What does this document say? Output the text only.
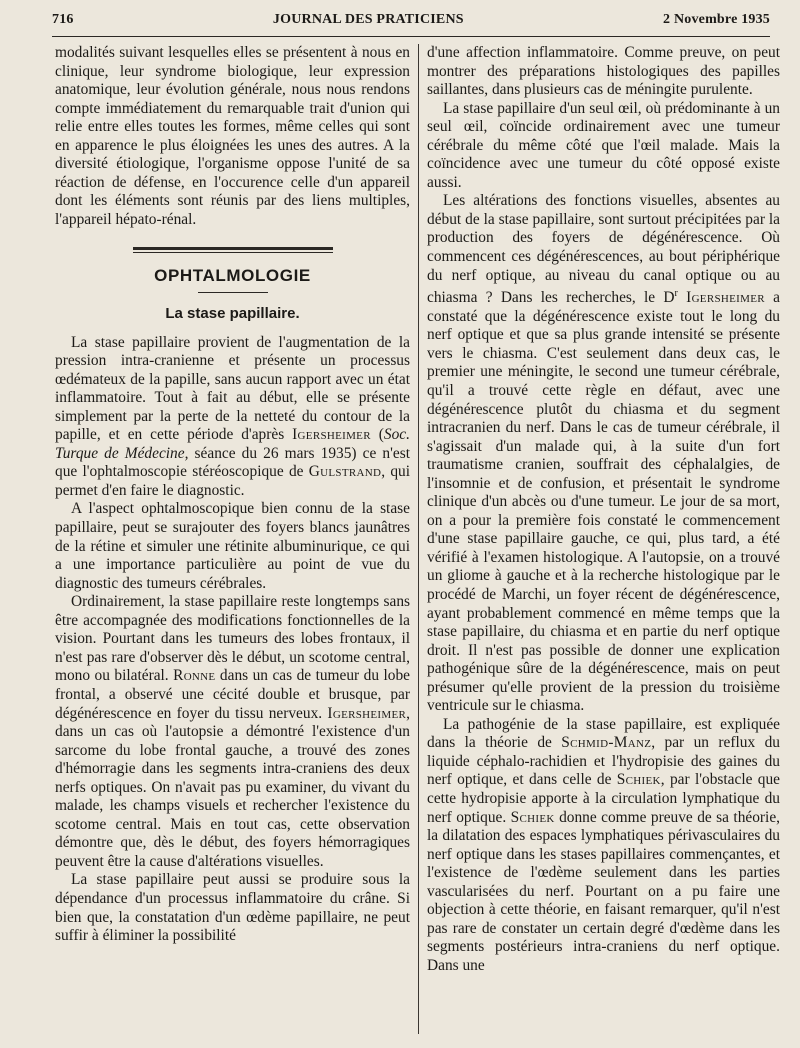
716	JOURNAL DES PRATICIENS	2 Novembre 1935

modalités suivant lesquelles elles se présentent à nous en clinique, leur syndrome biologique, leur expression anatomique, leur évolution générale, nous nous rendons compte immédiatement du remarquable trait d'union qui relie entre elles toutes les formes, même celles qui sont en apparence le plus éloignées les unes des autres. A la diversité étiologique, l'organisme oppose l'unité de sa réaction de défense, en l'occurence celle d'un appareil dont les éléments sont réunis par des liens multiples, l'appareil hépato-rénal.

OPHTALMOLOGIE
La stase papillaire.

La stase papillaire provient de l'augmentation de la pression intra-cranienne et présente un processus œdémateux de la papille, sans aucun rapport avec un état inflammatoire. Tout à fait au début, elle se présente simplement par la perte de la netteté du contour de la papille, et en cette période d'après Igersheimer (Soc. Turque de Médecine, séance du 26 mars 1935) ce n'est que l'ophtalmoscopie stéréoscopique de Gulstrand, qui permet d'en faire le diagnostic.

A l'aspect ophtalmoscopique bien connu de la stase papillaire, peut se surajouter des foyers blancs jaunâtres de la rétine et simuler une rétinite albuminurique, ce qui a une importance particulière au point de vue du diagnostic des tumeurs cérébrales.

Ordinairement, la stase papillaire reste longtemps sans être accompagnée des modifications fonctionnelles de la vision. Pourtant dans les tumeurs des lobes frontaux, il n'est pas rare d'observer dès le début, un scotome central, mono ou bilatéral. Ronne dans un cas de tumeur du lobe frontal, a observé une cécité double et brusque, par dégénérescence en foyer du tissu nerveux. Igersheimer, dans un cas où l'autopsie a démontré l'existence d'un sarcome du lobe frontal gauche, a trouvé des zones d'hémorragie dans les segments intra-craniens des deux nerfs optiques. On n'avait pas pu examiner, du vivant du malade, les champs visuels et rechercher l'existence du scotome central. Mais en tout cas, cette observation démontre que, dès le début, des foyers hémorragiques peuvent être la cause d'altérations visuelles.

La stase papillaire peut aussi se produire sous la dépendance d'un processus inflammatoire du crâne. Si bien que, la constatation d'un œdème papillaire, ne peut suffir à éliminer la possibilité

d'une affection inflammatoire. Comme preuve, on peut montrer des préparations histologiques des papilles saillantes, dans plusieurs cas de méningite purulente.

La stase papillaire d'un seul œil, où prédominante à un seul œil, coïncide ordinairement avec une tumeur cérébrale du même côté que l'œil malade. Mais la coïncidence avec une tumeur du côté opposé existe aussi.

Les altérations des fonctions visuelles, absentes au début de la stase papillaire, sont surtout précipitées par la production des foyers de dégénérescence. Où commencent ces dégénérescences, au bout périphérique du nerf optique, au niveau du canal optique ou au chiasma ? Dans les recherches, le $D^r$ Igersheimer a constaté que la dégénérescence existe tout le long du nerf optique et que sa plus grande intensité se présente vers le chiasma. C'est seulement dans deux cas, le premier une méningite, le second une tumeur cérébrale, qu'il a trouvé cette règle en défaut, avec une dégénérescence plutôt du chiasma et du segment intracranien du nerf. Dans le cas de tumeur cérébrale, il s'agissait d'un malade qui, à la suite d'un fort traumatisme cranien, souffrait des céphalalgies, de l'insomnie et de confusion, et présentait le syndrome clinique d'un abcès ou d'une tumeur. Le jour de sa mort, on a pour la première fois constaté le commencement d'une stase papillaire gauche, ce qui, plus tard, a été vérifié à l'examen histologique. A l'autopsie, on a trouvé un gliome à gauche et à la recherche histologique par le procédé de Marchi, un foyer récent de dégénérescence, ayant probablement commencé en même temps que la stase papillaire, du chiasma et en partie du nerf optique droit. Il n'est pas possible de donner une explication pathogénique sûre de la dégénérescence, mais on peut présumer qu'elle provient de la pression du troisième ventricule sur le chiasma.

La pathogénie de la stase papillaire, est expliquée dans la théorie de Schmid-Manz, par un reflux du liquide céphalo-rachidien et l'hydropisie des gaines du nerf optique, et dans celle de Schiek, par l'obstacle que cette hydropisie apporte à la circulation lymphatique du nerf optique. Schiek donne comme preuve de sa théorie, la dilatation des espaces lymphatiques périvasculaires du nerf optique dans les stases papillaires commençantes, et l'existence de l'œdème seulement dans les parties vascularisées du nerf. Pourtant on a pu faire une objection à cette théorie, en faisant remarquer, qu'il n'est pas rare de constater un certain degré d'œdème dans les segments postérieurs intra-craniens du nerf optique. Dans une
